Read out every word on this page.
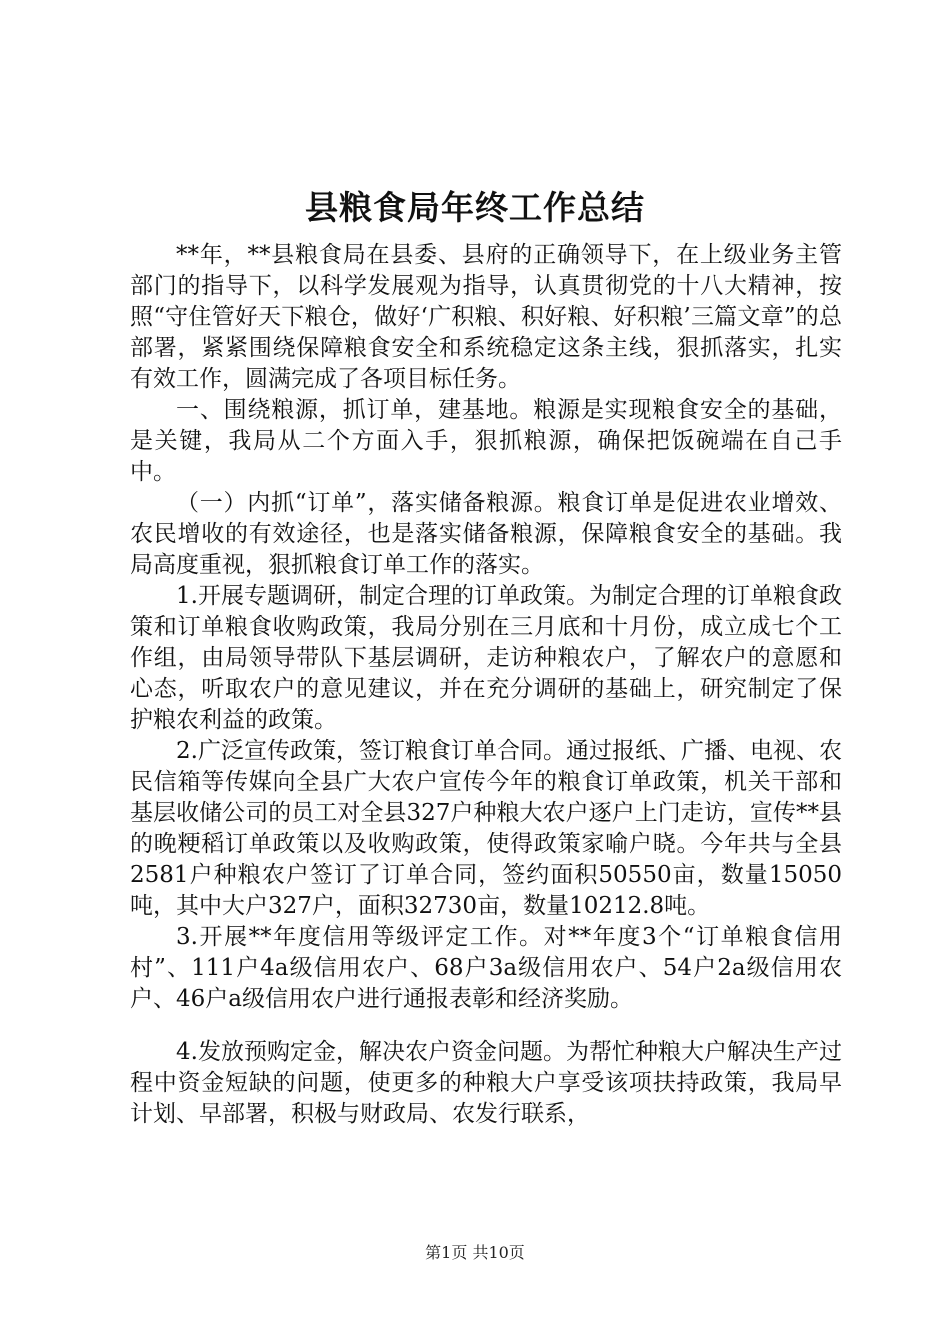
县粮食局年终工作总结

**年，**县粮食局在县委、县府的正确领导下，在上级业务主管部门的指导下，以科学发展观为指导，认真贯彻党的十八大精神，按照“守住管好天下粮仓，做好‘广积粮、积好粮、好积粮’三篇文章”的总部署，紧紧围绕保障粮食安全和系统稳定这条主线，狠抓落实，扎实有效工作，圆满完成了各项目标任务。

一、围绕粮源，抓订单，建基地。粮源是实现粮食安全的基础，是关键，我局从二个方面入手，狠抓粮源，确保把饭碗端在自己手中。

（一）内抓“订单”，落实储备粮源。粮食订单是促进农业增效、农民增收的有效途径，也是落实储备粮源，保障粮食安全的基础。我局高度重视，狠抓粮食订单工作的落实。

1.开展专题调研，制定合理的订单政策。为制定合理的订单粮食政策和订单粮食收购政策，我局分别在三月底和十月份，成立成七个工作组，由局领导带队下基层调研，走访种粮农户，了解农户的意愿和心态，听取农户的意见建议，并在充分调研的基础上，研究制定了保护粮农利益的政策。

2.广泛宣传政策，签订粮食订单合同。通过报纸、广播、电视、农民信箱等传媒向全县广大农户宣传今年的粮食订单政策，机关干部和基层收储公司的员工对全县327户种粮大农户逐户上门走访，宣传**县的晚粳稻订单政策以及收购政策，使得政策家喻户晓。今年共与全县2581户种粮农户签订了订单合同，签约面积50550亩，数量15050吨，其中大户327户，面积32730亩，数量10212.8吨。

3.开展**年度信用等级评定工作。对**年度3个“订单粮食信用村”、111户4a级信用农户、68户3a级信用农户、54户2a级信用农户、46户a级信用农户进行通报表彰和经济奖励。

4.发放预购定金，解决农户资金问题。为帮忙种粮大户解决生产过程中资金短缺的问题，使更多的种粮大户享受该项扶持政策，我局早计划、早部署，积极与财政局、农发行联系，

第1页 共10页
